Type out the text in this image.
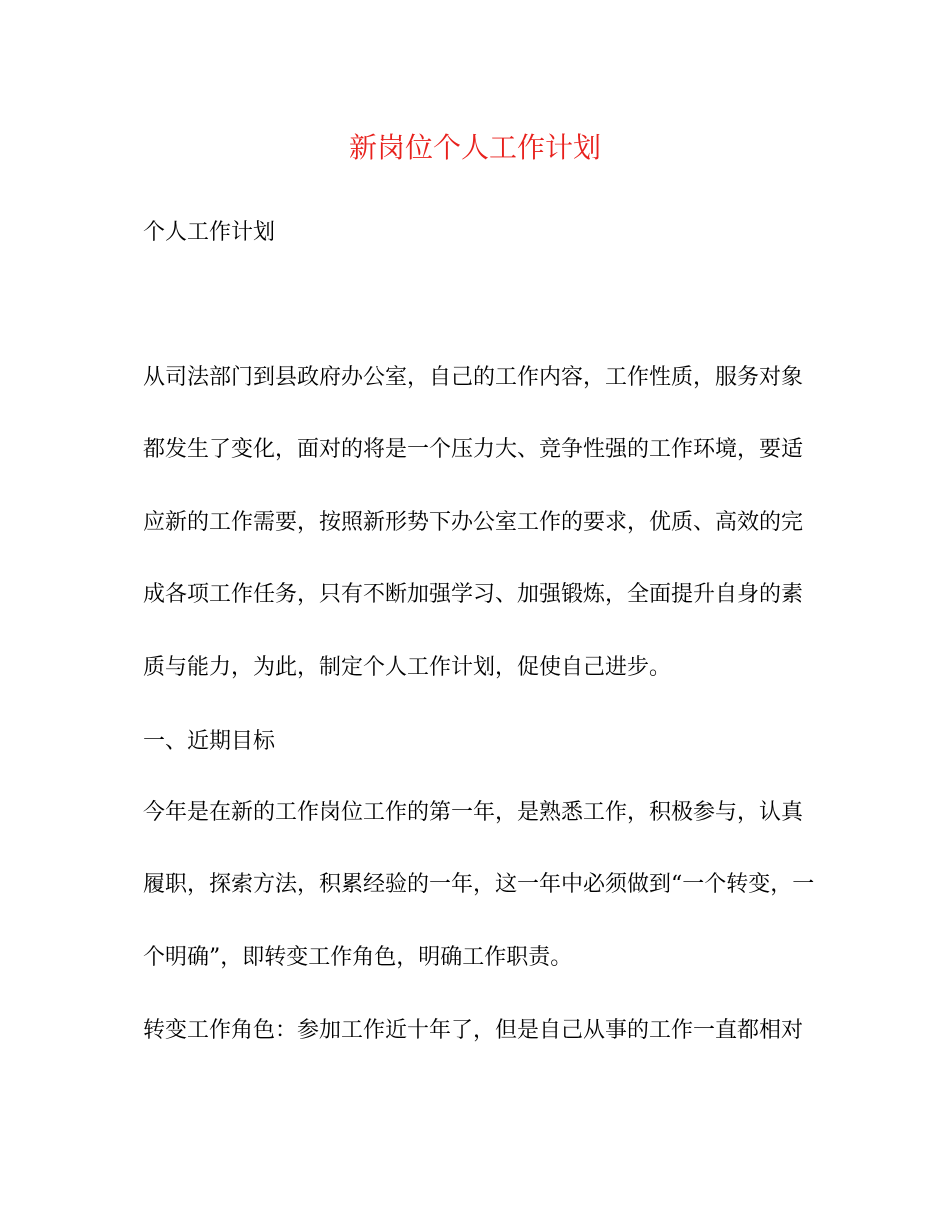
新岗位个人工作计划
个人工作计划
从司法部门到县政府办公室，自己的工作内容，工作性质，服务对象
都发生了变化，面对的将是一个压力大、竞争性强的工作环境，要适
应新的工作需要，按照新形势下办公室工作的要求，优质、高效的完
成各项工作任务，只有不断加强学习、加强锻炼，全面提升自身的素
质与能力，为此，制定个人工作计划，促使自己进步。
一、近期目标
今年是在新的工作岗位工作的第一年，是熟悉工作，积极参与，认真
履职，探索方法，积累经验的一年，这一年中必须做到“一个转变，一
个明确”，即转变工作角色，明确工作职责。
转变工作角色：参加工作近十年了，但是自己从事的工作一直都相对
